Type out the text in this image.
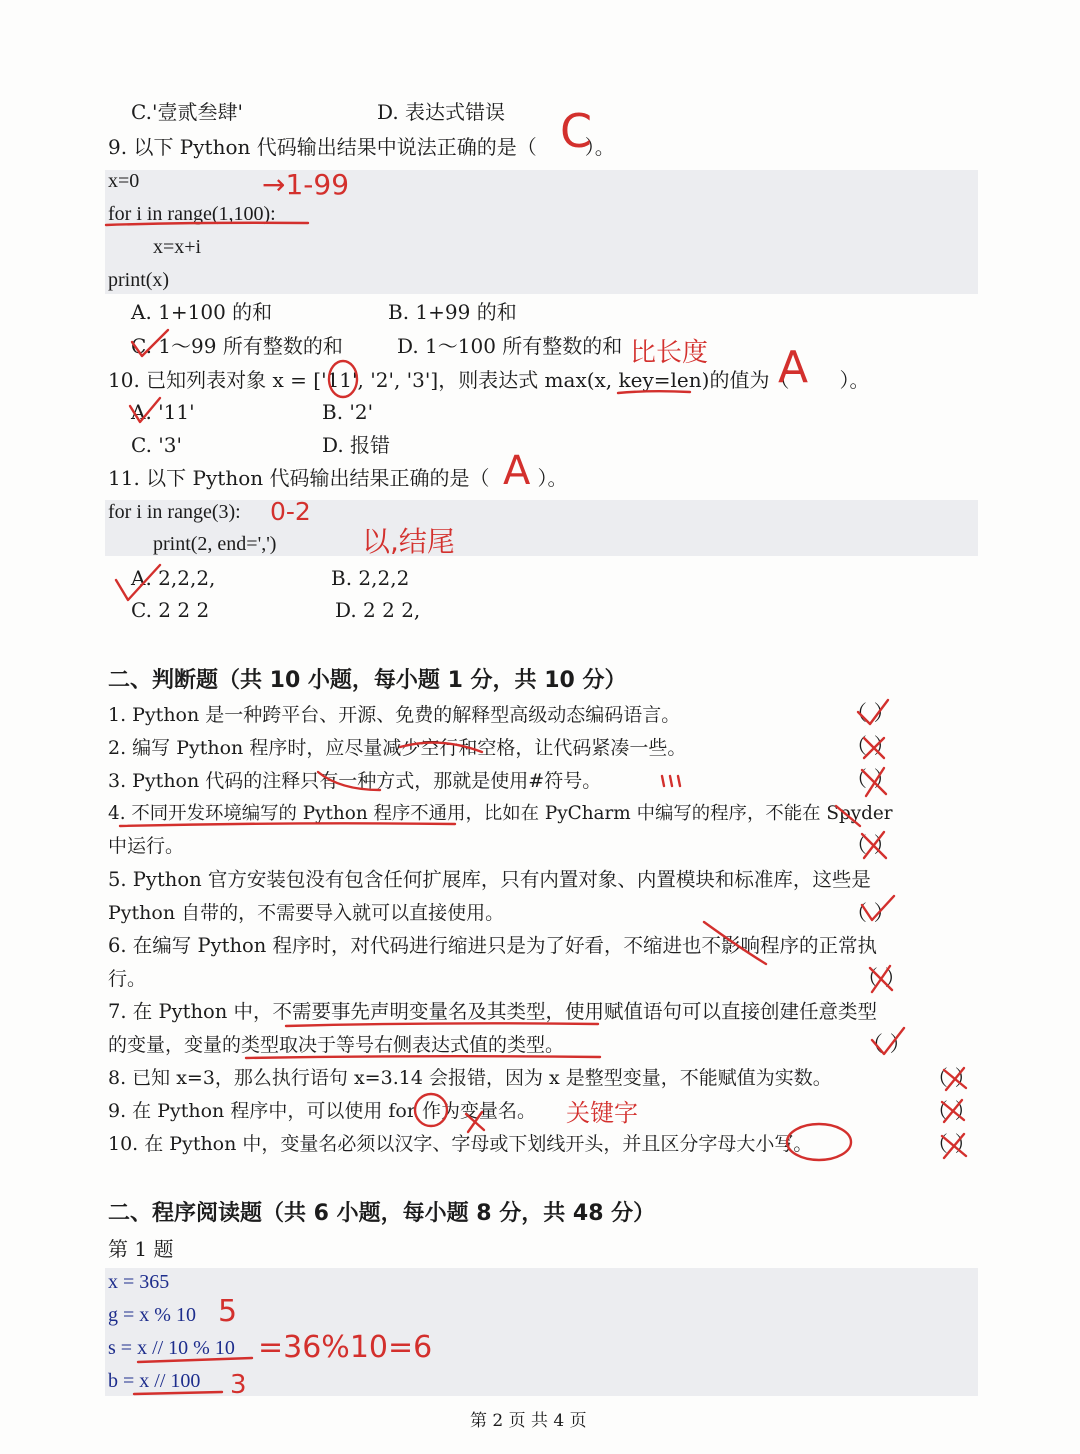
C.'壹贰叁肆'	D. 表达式错误
9. 以下 Python 代码输出结果中说法正确的是（ ）。
x=0
for i in range(1,100):
x=x+i
print(x)
A. 1+100 的和	B. 1+99 的和
C. 1～99 所有整数的和	D. 1～100 所有整数的和
10. 已知列表对象 x = ['11', '2', '3']，则表达式 max(x, key=len)的值为（	）。
A. '11'	B. '2'
C. '3'	D. 报错
11. 以下 Python 代码输出结果正确的是（ ）。
for i in range(3):
print(2, end=',')
A. 2,2,2,	B. 2,2,2
C. 2 2 2	D. 2 2 2,
二、判断题（共 10 小题，每小题 1 分，共 10 分）
1. Python 是一种跨平台、开源、免费的解释型高级动态编码语言。	（ ）
2. 编写 Python 程序时，应尽量减少空行和空格，让代码紧凑一些。	（ ）
3. Python 代码的注释只有一种方式，那就是使用#符号。	（ ）
4. 不同开发环境编写的 Python 程序不通用，比如在 PyCharm 中编写的程序，不能在 Spyder
中运行。	（ ）
5. Python 官方安装包没有包含任何扩展库，只有内置对象、内置模块和标准库，这些是
Python 自带的，不需要导入就可以直接使用。	（ ）
6. 在编写 Python 程序时，对代码进行缩进只是为了好看，不缩进也不影响程序的正常执
行。	（ ）
7. 在 Python 中，不需要事先声明变量名及其类型，使用赋值语句可以直接创建任意类型
的变量，变量的类型取决于等号右侧表达式值的类型。	（ ）
8. 已知 x=3，那么执行语句 x=3.14 会报错，因为 x 是整型变量，不能赋值为实数。	（ ）
9. 在 Python 程序中，可以使用 for 作为变量名。	（ ）
10. 在 Python 中，变量名必须以汉字、字母或下划线开头，并且区分字母大小写。	（ ）
二、程序阅读题（共 6 小题，每小题 8 分，共 48 分）
第 1 题
x = 365
g = x % 10
s = x // 10 % 10
b = x // 100
第 2 页 共 4 页
C
→1-99
比长度 A
A
0-2
以,结尾
关键字
5
=36%10=6
3
